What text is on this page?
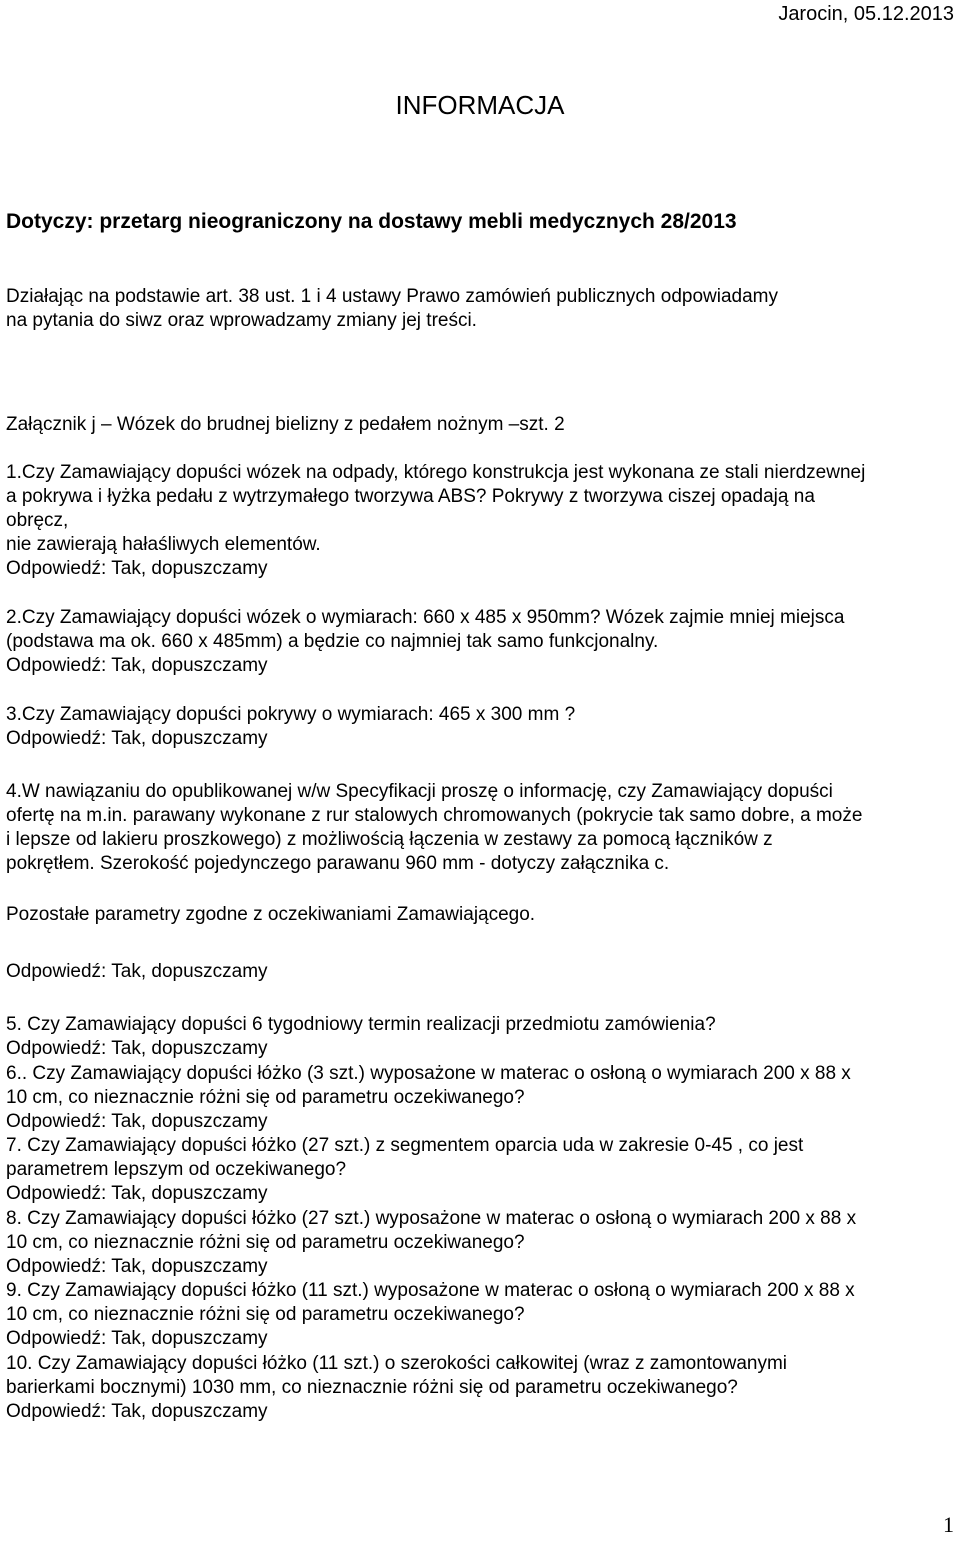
Jarocin, 05.12.2013
INFORMACJA
Dotyczy: przetarg nieograniczony na dostawy mebli medycznych 28/2013
Działając na podstawie art. 38 ust. 1 i 4 ustawy Prawo zamówień publicznych odpowiadamy
na pytania do siwz oraz wprowadzamy zmiany jej treści.
Załącznik j – Wózek do brudnej bielizny z pedałem nożnym –szt. 2
1.Czy Zamawiający dopuści wózek na odpady, którego konstrukcja jest wykonana ze stali nierdzewnej
a pokrywa i łyżka pedału z wytrzymałego tworzywa ABS? Pokrywy z tworzywa ciszej opadają na
obręcz,
nie zawierają hałaśliwych elementów.
Odpowiedź: Tak, dopuszczamy
2.Czy Zamawiający dopuści wózek o wymiarach: 660 x 485 x 950mm? Wózek zajmie mniej miejsca
(podstawa ma ok. 660 x 485mm) a będzie co najmniej tak samo funkcjonalny.
Odpowiedź: Tak, dopuszczamy
3.Czy Zamawiający dopuści pokrywy o wymiarach: 465 x 300 mm ?
Odpowiedź: Tak, dopuszczamy
4.W nawiązaniu do opublikowanej w/w Specyfikacji proszę o informację, czy Zamawiający dopuści
ofertę na m.in. parawany wykonane z rur stalowych chromowanych (pokrycie tak samo dobre, a może
i lepsze od lakieru proszkowego) z możliwością łączenia w zestawy za pomocą łączników z
pokrętłem. Szerokość pojedynczego parawanu 960 mm - dotyczy załącznika c.
Pozostałe parametry zgodne z oczekiwaniami Zamawiającego.
Odpowiedź: Tak, dopuszczamy
5. Czy Zamawiający dopuści 6 tygodniowy termin realizacji przedmiotu zamówienia?
Odpowiedź: Tak, dopuszczamy
6.. Czy Zamawiający dopuści łóżko (3 szt.) wyposażone w materac o osłoną o wymiarach 200 x 88 x
10 cm, co nieznacznie różni się od parametru oczekiwanego?
Odpowiedź: Tak, dopuszczamy
7. Czy Zamawiający dopuści łóżko (27 szt.) z segmentem oparcia uda w zakresie 0-45 , co jest
parametrem lepszym od oczekiwanego?
Odpowiedź: Tak, dopuszczamy
8. Czy Zamawiający dopuści łóżko (27 szt.) wyposażone w materac o osłoną o wymiarach 200 x 88 x
10 cm, co nieznacznie różni się od parametru oczekiwanego?
Odpowiedź: Tak, dopuszczamy
9. Czy Zamawiający dopuści łóżko (11 szt.) wyposażone w materac o osłoną o wymiarach 200 x 88 x
10 cm, co nieznacznie różni się od parametru oczekiwanego?
Odpowiedź: Tak, dopuszczamy
10. Czy Zamawiający dopuści łóżko (11 szt.) o szerokości całkowitej (wraz z zamontowanymi
barierkami bocznymi) 1030 mm, co nieznacznie różni się od parametru oczekiwanego?
Odpowiedź: Tak, dopuszczamy
1
